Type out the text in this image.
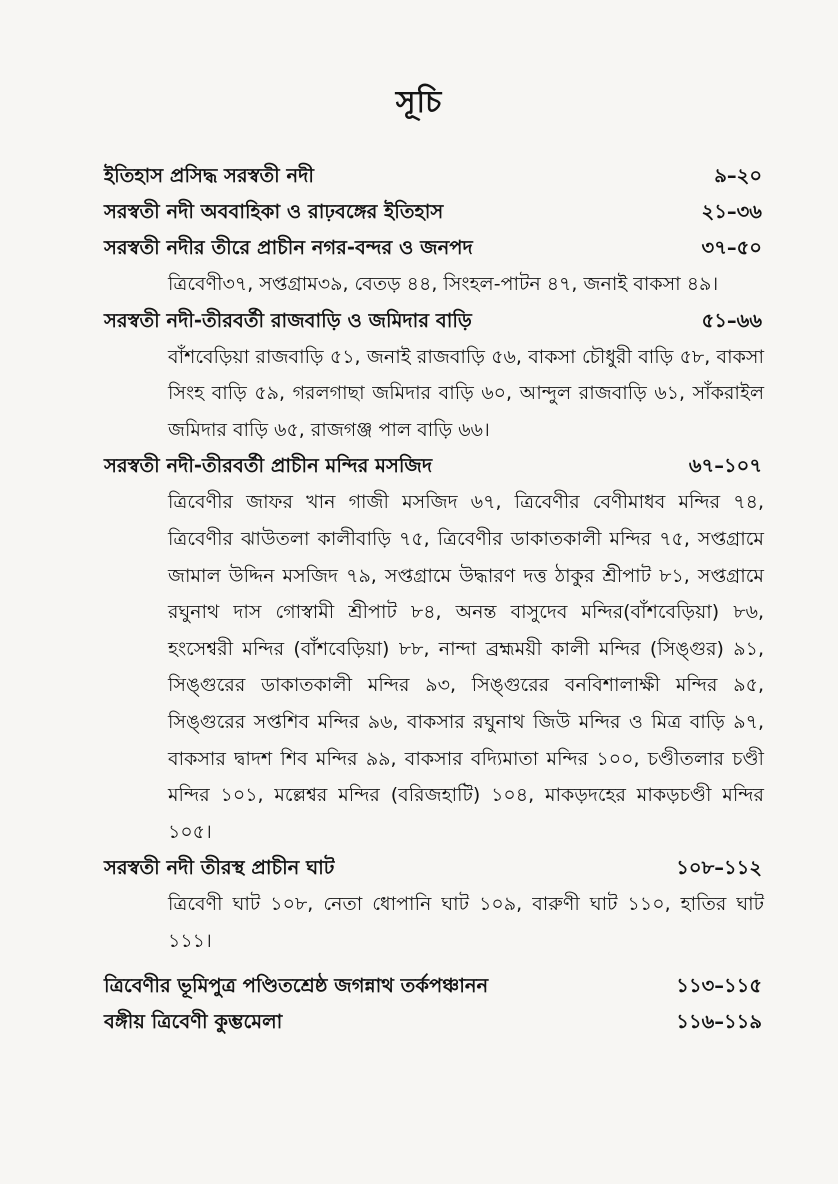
সূচি
ইতিহাস প্রসিদ্ধ সরস্বতী নদী	৯–২০
সরস্বতী নদী অববাহিকা ও রাঢ়বঙ্গের ইতিহাস	২১–৩৬
সরস্বতী নদীর তীরে প্রাচীন নগর-বন্দর ও জনপদ	৩৭–৫০
ত্রিবেণী৩৭, সপ্তগ্রাম৩৯, বেতড় ৪৪, সিংহল-পাটন ৪৭, জনাই বাকসা ৪৯।
সরস্বতী নদী-তীরবর্তী রাজবাড়ি ও জমিদার বাড়ি	৫১–৬৬
বাঁশবেড়িয়া রাজবাড়ি ৫১, জনাই রাজবাড়ি ৫৬, বাকসা চৌধুরী বাড়ি ৫৮, বাকসা সিংহ বাড়ি ৫৯, গরলগাছা জমিদার বাড়ি ৬০, আন্দুল রাজবাড়ি ৬১, সাঁকরাইল জমিদার বাড়ি ৬৫, রাজগঞ্জ পাল বাড়ি ৬৬।
সরস্বতী নদী-তীরবর্তী প্রাচীন মন্দির মসজিদ	৬৭–১০৭
ত্রিবেণীর জাফর খান গাজী মসজিদ ৬৭, ত্রিবেণীর বেণীমাধব মন্দির ৭৪, ত্রিবেণীর ঝাউতলা কালীবাড়ি ৭৫, ত্রিবেণীর ডাকাতকালী মন্দির ৭৫, সপ্তগ্রামে জামাল উদ্দিন মসজিদ ৭৯, সপ্তগ্রামে উদ্ধারণ দত্ত ঠাকুর শ্রীপাট ৮১, সপ্তগ্রামে রঘুনাথ দাস গোস্বামী শ্রীপাট ৮৪, অনন্ত বাসুদেব মন্দির(বাঁশবেড়িয়া) ৮৬, হংসেশ্বরী মন্দির (বাঁশবেড়িয়া) ৮৮, নান্দা ব্রহ্মময়ী কালী মন্দির (সিঙ্গুর) ৯১, সিঙ্গুরের ডাকাতকালী মন্দির ৯৩, সিঙ্গুরের বনবিশালাক্ষী মন্দির ৯৫, সিঙ্গুরের সপ্তশিব মন্দির ৯৬, বাকসার রঘুনাথ জিউ মন্দির ও মিত্র বাড়ি ৯৭, বাকসার দ্বাদশ শিব মন্দির ৯৯, বাকসার বদ্যিমাতা মন্দির ১০০, চণ্ডীতলার চণ্ডী মন্দির ১০১, মল্লেশ্বর মন্দির (বরিজহাটি) ১০৪, মাকড়দহের মাকড়চণ্ডী মন্দির ১০৫।
সরস্বতী নদী তীরস্থ প্রাচীন ঘাট	১০৮–১১২
ত্রিবেণী ঘাট ১০৮, নেতা ধোপানি ঘাট ১০৯, বারুণী ঘাট ১১০, হাতির ঘাট ১১১।
ত্রিবেণীর ভূমিপুত্র পণ্ডিতশ্রেষ্ঠ জগন্নাথ তর্কপঞ্চানন	১১৩–১১৫
বঙ্গীয় ত্রিবেণী কুম্ভমেলা	১১৬–১১৯
